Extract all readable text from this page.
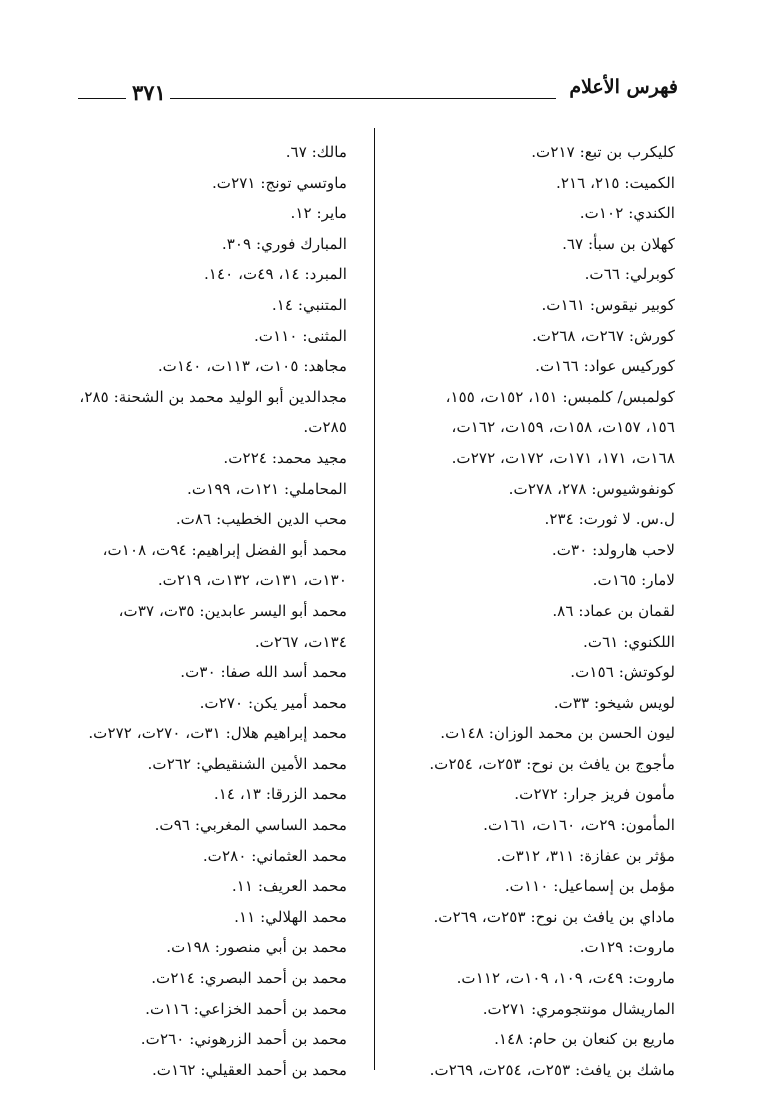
فهرس الأعلام
٣٧١
كليكرب بن تبع: ٢١٧ت.
الكميت: ٢١٥، ٢١٦.
الكندي: ١٠٢ت.
كهلان بن سبأ: ٦٧.
كوبرلي: ٦٦ت.
كوبير نيقوس: ١٦١ت.
كورش: ٢٦٧ت، ٢٦٨ت.
كوركيس عواد: ١٦٦ت.
كولمبس/ كلمبس: ١٥١، ١٥٢ت، ١٥٥،
١٥٦، ١٥٧ت، ١٥٨ت، ١٥٩ت، ١٦٢ت،
١٦٨ت، ١٧١، ١٧١ت، ١٧٢ت، ٢٧٢ت.
كونفوشيوس: ٢٧٨، ٢٧٨ت.
ل.س. لا ثورت: ٢٣٤.
لاحب هارولد: ٣٠ت.
لامار: ١٦٥ت.
لقمان بن عماد: ٨٦.
اللكنوي: ٦١ت.
لوكوتش: ١٥٦ت.
لويس شيخو: ٣٣ت.
ليون الحسن بن محمد الوزان: ١٤٨ت.
مأجوج بن يافث بن نوح: ٢٥٣ت، ٢٥٤ت.
مأمون فريز جرار: ٢٧٢ت.
المأمون: ٢٩ت، ١٦٠ت، ١٦١ت.
مؤثر بن عفازة: ٣١١، ٣١٢ت.
مؤمل بن إسماعيل: ١١٠ت.
ماداي بن يافث بن نوح: ٢٥٣ت، ٢٦٩ت.
ماروت: ١٢٩ت.
ماروت: ٤٩ت، ١٠٩، ١٠٩ت، ١١٢ت.
الماريشال مونتجومري: ٢٧١ت.
ماريع بن كنعان بن حام: ١٤٨.
ماشك بن يافث: ٢٥٣ت، ٢٥٤ت، ٢٦٩ت.
مالك: ٦٧.
ماوتسي تونج: ٢٧١ت.
ماير: ١٢.
المبارك فوري: ٣٠٩.
المبرد: ١٤، ٤٩ت، ١٤٠.
المتنبي: ١٤.
المثنى: ١١٠ت.
مجاهد: ١٠٥ت، ١١٣ت، ١٤٠ت.
مجدالدين أبو الوليد محمد بن الشحنة: ٢٨٥،
٢٨٥ت.
مجيد محمد: ٢٢٤ت.
المحاملي: ١٢١ت، ١٩٩ت.
محب الدين الخطيب: ٨٦ت.
محمد أبو الفضل إبراهيم: ٩٤ت، ١٠٨ت،
١٣٠ت، ١٣١ت، ١٣٢ت، ٢١٩ت.
محمد أبو اليسر عابدين: ٣٥ت، ٣٧ت،
١٣٤ت، ٢٦٧ت.
محمد أسد الله صفا: ٣٠ت.
محمد أمير يكن: ٢٧٠ت.
محمد إبراهيم هلال: ٣١ت، ٢٧٠ت، ٢٧٢ت.
محمد الأمين الشنقيطي: ٢٦٢ت.
محمد الزرقا: ١٣، ١٤.
محمد الساسي المغربي: ٩٦ت.
محمد العثماني: ٢٨٠ت.
محمد العريف: ١١.
محمد الهلالي: ١١.
محمد بن أبي منصور: ١٩٨ت.
محمد بن أحمد البصري: ٢١٤ت.
محمد بن أحمد الخزاعي: ١١٦ت.
محمد بن أحمد الزرهوني: ٢٦٠ت.
محمد بن أحمد العقيلي: ١٦٢ت.
